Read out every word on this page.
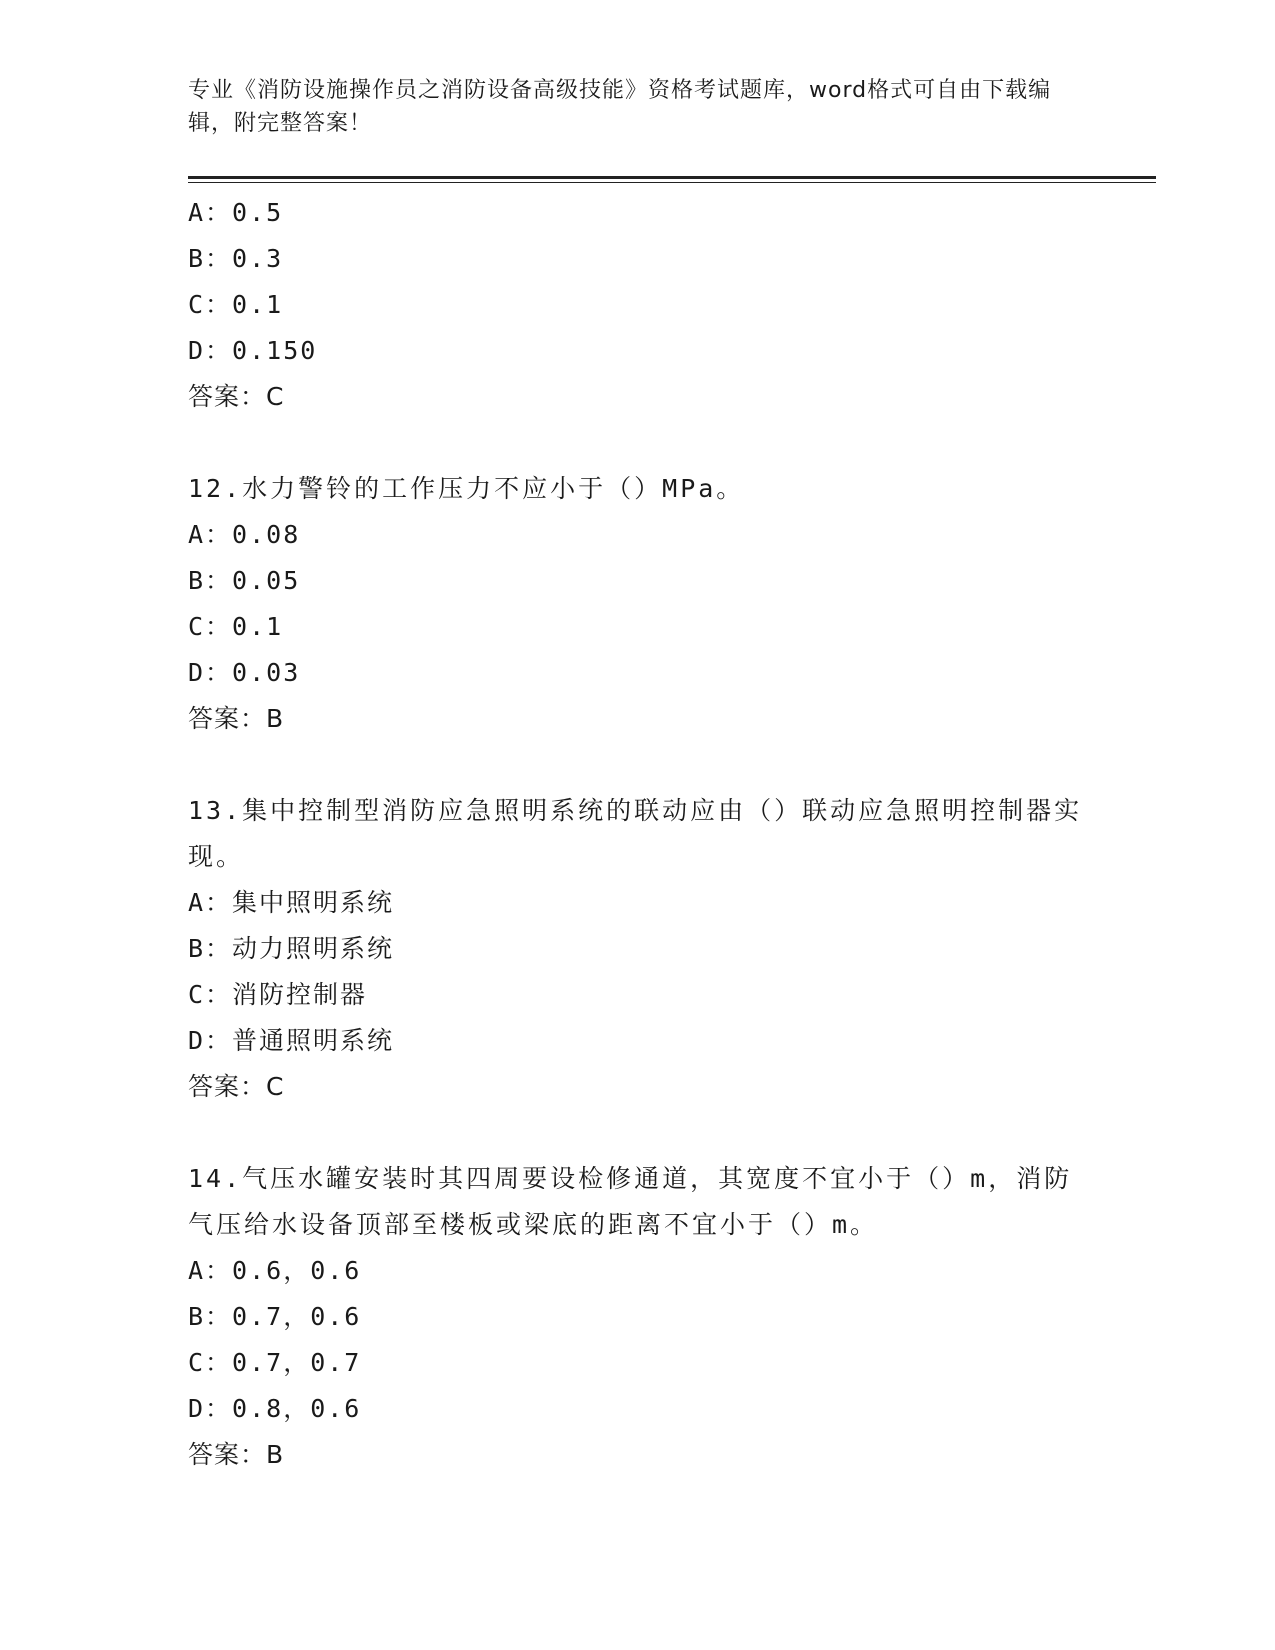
专业《消防设施操作员之消防设备高级技能》资格考试题库，word格式可自由下载编辑，附完整答案！
A：0.5
B：0.3
C：0.1
D：0.150
答案：C
12.水力警铃的工作压力不应小于（）MPa。
A：0.08
B：0.05
C：0.1
D：0.03
答案：B
13.集中控制型消防应急照明系统的联动应由（）联动应急照明控制器实现。
A：集中照明系统
B：动力照明系统
C：消防控制器
D：普通照明系统
答案：C
14.气压水罐安装时其四周要设检修通道，其宽度不宜小于（）m，消防气压给水设备顶部至楼板或梁底的距离不宜小于（）m。
A：0.6，0.6
B：0.7，0.6
C：0.7，0.7
D：0.8，0.6
答案：B
